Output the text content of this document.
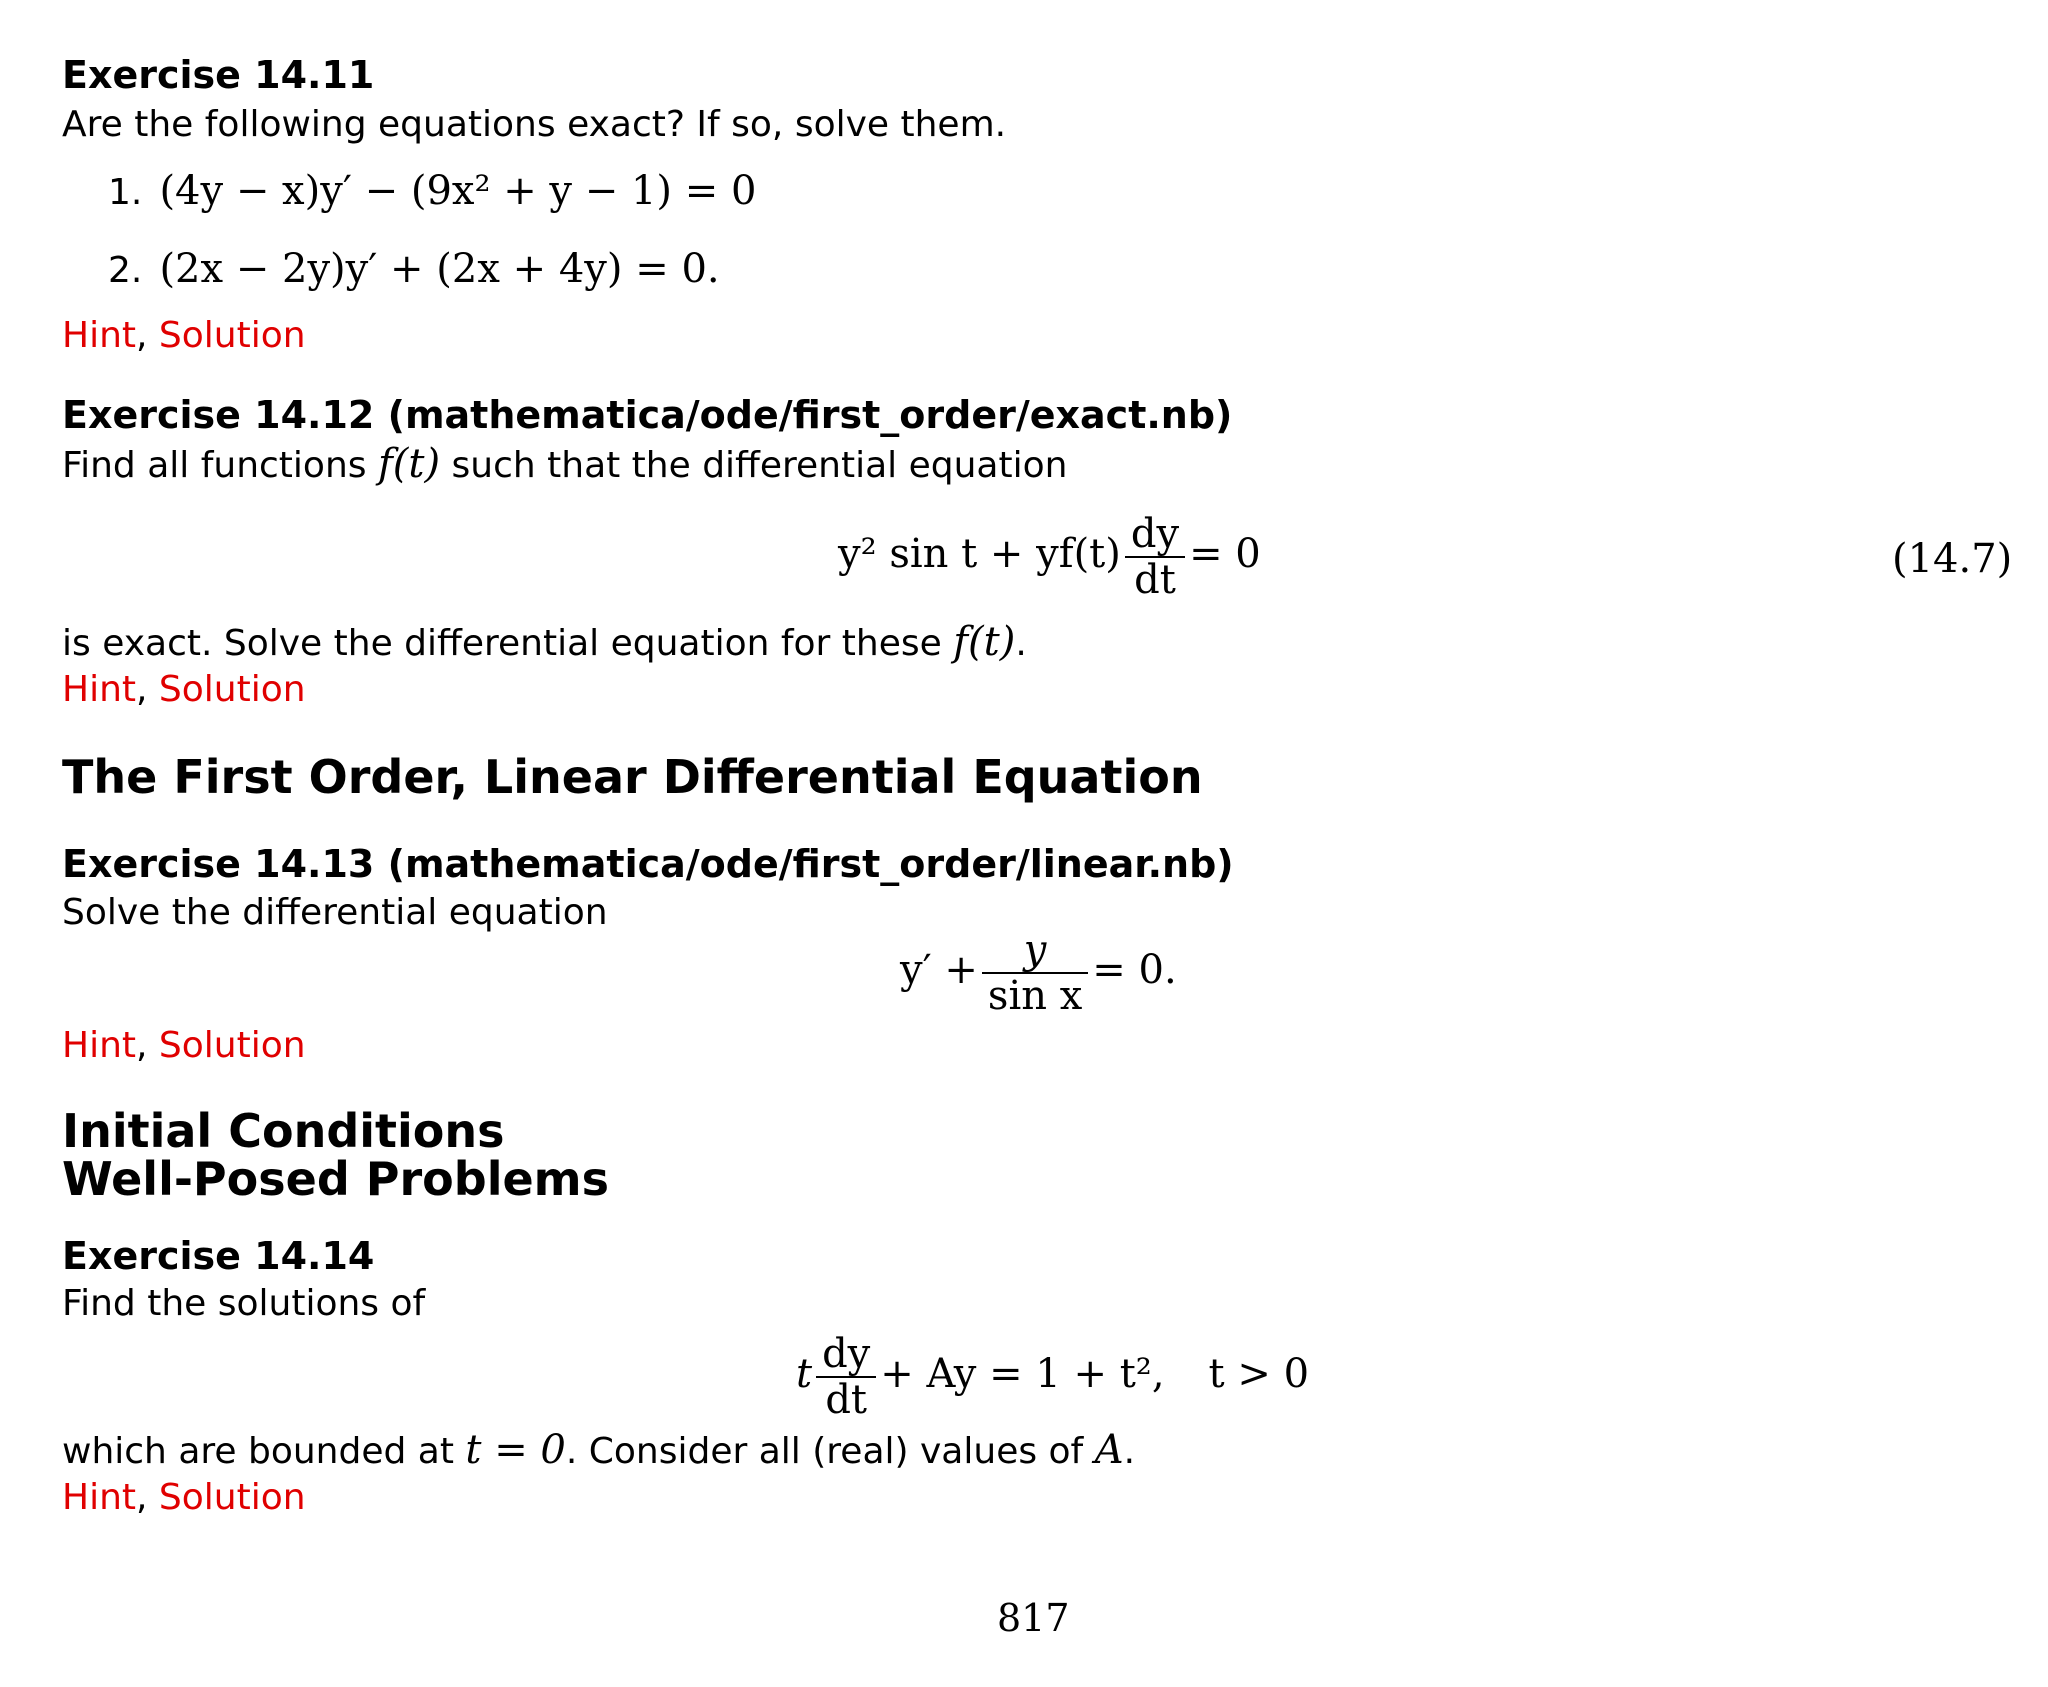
Exercise 14.11
Are the following equations exact? If so, solve them.
1. (4y − x)y′ − (9x² + y − 1) = 0
2. (2x − 2y)y′ + (2x + 4y) = 0.
Hint, Solution
Exercise 14.12 (mathematica/ode/first_order/exact.nb)
Find all functions f(t) such that the differential equation
y² $\sin t + yf(t) \frac{dy}{dt} = 0$	(14.7)
is exact. Solve the differential equation for these f(t).
Hint, Solution
The First Order, Linear Differential Equation
Exercise 14.13 (mathematica/ode/first_order/linear.nb)
Solve the differential equation
$y' + \frac{y}{\text{sin x}} = 0$.
Hint, Solution
Initial Conditions
Well-Posed Problems
Exercise 14.14
Find the solutions of
t $\frac{dy}{dt} + Ay = 1 + t^2$, t > 0
which are bounded at t = 0. Consider all (real) values of A.
Hint, Solution
817
